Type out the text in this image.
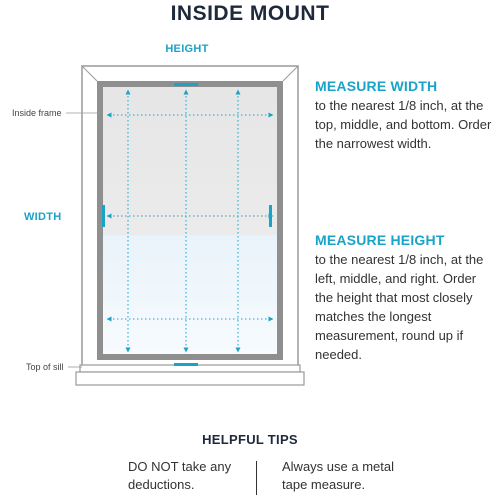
INSIDE MOUNT
HEIGHT
WIDTH
Inside frame
Top of sill
MEASURE WIDTH
to the nearest 1/8 inch, at the top, middle, and bottom. Order the narrowest width.
MEASURE HEIGHT
to the nearest 1/8 inch, at the left, middle, and right. Order the height that most closely matches the longest measurement, round up if needed.
HELPFUL TIPS
DO NOT take any deductions.
Always use a metal tape measure.
